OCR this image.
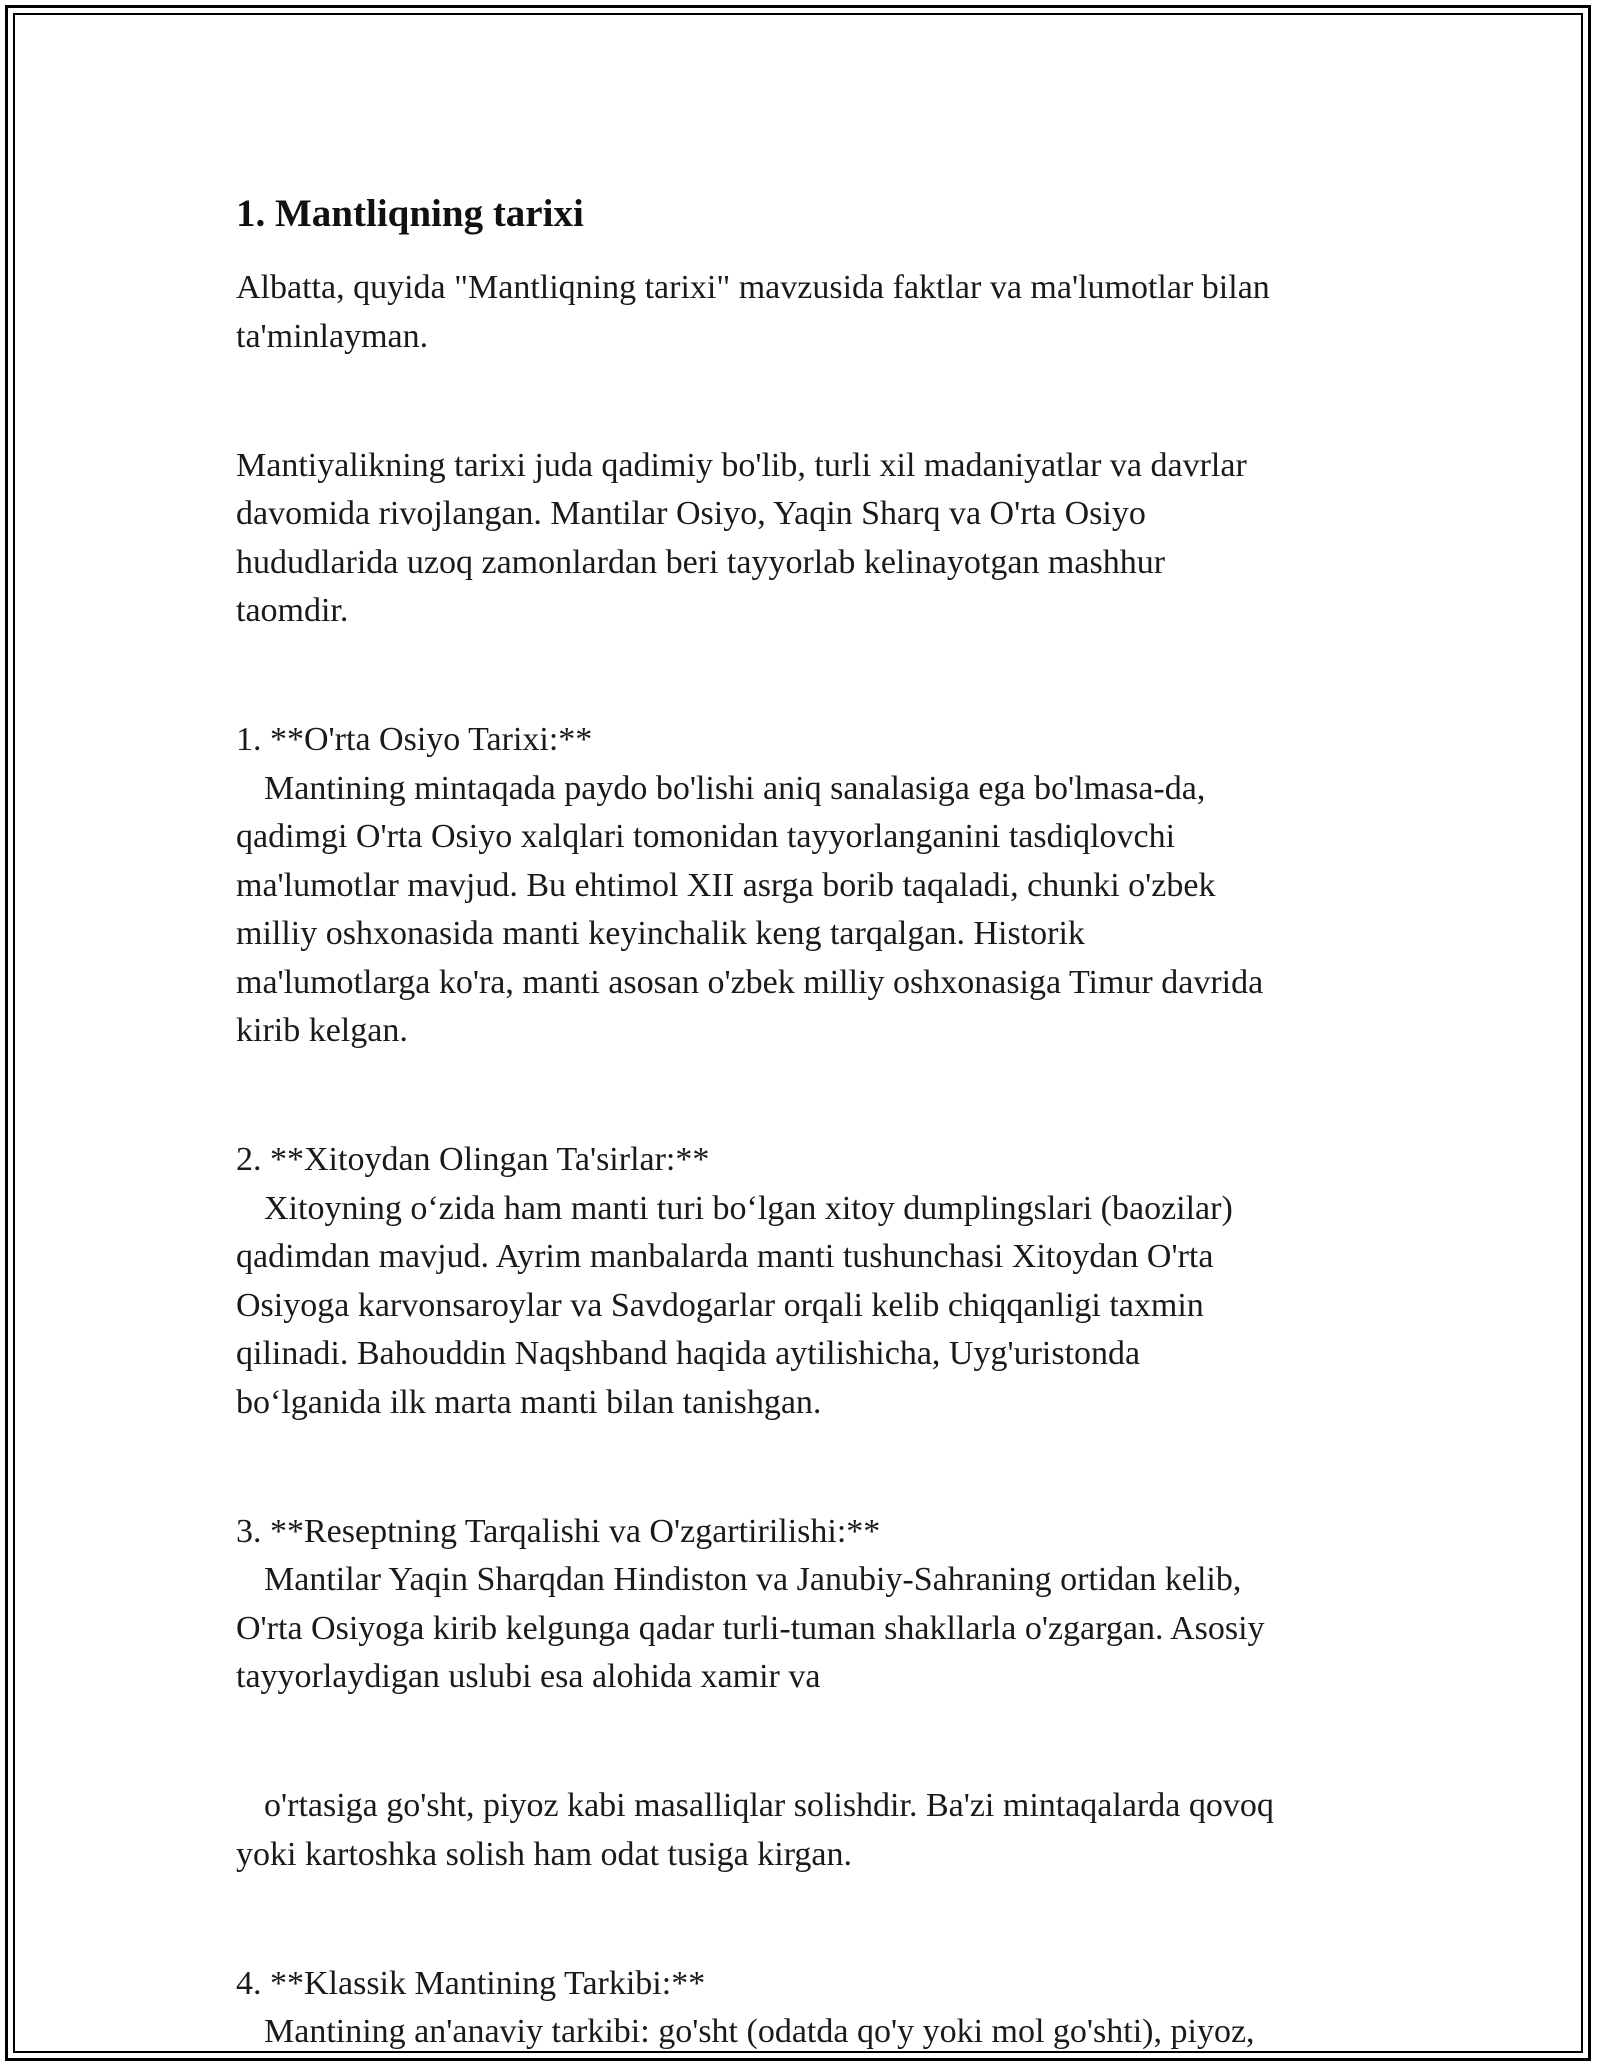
1. Mantliqning tarixi

Albatta, quyida "Mantliqning tarixi" mavzusida faktlar va ma'lumotlar bilan

ta'minlayman.

Mantiyalikning tarixi juda qadimiy bo'lib, turli xil madaniyatlar va davrlar

davomida rivojlangan. Mantilar Osiyo, Yaqin Sharq va O'rta Osiyo

hududlarida uzoq zamonlardan beri tayyorlab kelinayotgan mashhur

taomdir.

1. **O'rta Osiyo Tarixi:**

Mantining mintaqada paydo bo'lishi aniq sanalasiga ega bo'lmasa-da,

qadimgi O'rta Osiyo xalqlari tomonidan tayyorlanganini tasdiqlovchi

ma'lumotlar mavjud. Bu ehtimol XII asrga borib taqaladi, chunki o'zbek

milliy oshxonasida manti keyinchalik keng tarqalgan. Historik

ma'lumotlarga ko'ra, manti asosan o'zbek milliy oshxonasiga Timur davrida

kirib kelgan.

2. **Xitoydan Olingan Ta'sirlar:**

Xitoyning o‘zida ham manti turi bo‘lgan xitoy dumplingslari (baozilar)

qadimdan mavjud. Ayrim manbalarda manti tushunchasi Xitoydan O'rta

Osiyoga karvonsaroylar va Savdogarlar orqali kelib chiqqanligi taxmin

qilinadi. Bahouddin Naqshband haqida aytilishicha, Uyg'uristonda

bo‘lganida ilk marta manti bilan tanishgan.

3. **Reseptning Tarqalishi va O'zgartirilishi:**

Mantilar Yaqin Sharqdan Hindiston va Janubiy-Sahraning ortidan kelib,

O'rta Osiyoga kirib kelgunga qadar turli-tuman shakllarla o'zgargan. Asosiy

tayyorlaydigan uslubi esa alohida xamir va

o'rtasiga go'sht, piyoz kabi masalliqlar solishdir. Ba'zi mintaqalarda qovoq

yoki kartoshka solish ham odat tusiga kirgan.

4. **Klassik Mantining Tarkibi:**

Mantining an'anaviy tarkibi: go'sht (odatda qo'y yoki mol go'shti), piyoz,
